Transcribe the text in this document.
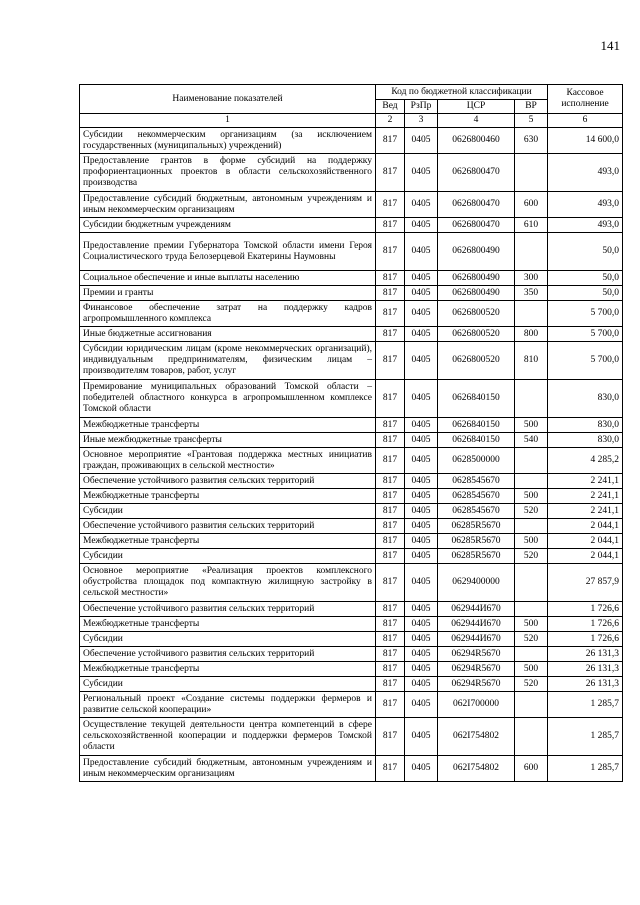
141
Наименование показателей	Код по бюджетной классификации				Кассовое исполнение
	Вед	РзПр	ЦСР	ВР	
1	2	3	4	5	6
Субсидии некоммерческим организациям (за исключением государственных (муниципальных) учреждений)	817	0405	0626800460	630	14 600,0
Предоставление грантов в форме субсидий на поддержку профориентационных проектов в области сельскохозяйственного производства	817	0405	0626800470		493,0
Предоставление субсидий бюджетным, автономным учреждениям и иным некоммерческим организациям	817	0405	0626800470	600	493,0
Субсидии бюджетным учреждениям	817	0405	0626800470	610	493,0
Предоставление премии Губернатора Томской области имени Героя Социалистического труда Белозерцевой Екатерины Наумовны	817	0405	0626800490		50,0
Социальное обеспечение и иные выплаты населению	817	0405	0626800490	300	50,0
Премии и гранты	817	0405	0626800490	350	50,0
Финансовое обеспечение затрат на поддержку кадров агропромышленного комплекса	817	0405	0626800520		5 700,0
Иные бюджетные ассигнования	817	0405	0626800520	800	5 700,0
Субсидии юридическим лицам (кроме некоммерческих организаций), индивидуальным предпринимателям, физическим лицам – производителям товаров, работ, услуг	817	0405	0626800520	810	5 700,0
Премирование муниципальных образований Томской области – победителей областного конкурса в агропромышленном комплексе Томской области	817	0405	0626840150		830,0
Межбюджетные трансферты	817	0405	0626840150	500	830,0
Иные межбюджетные трансферты	817	0405	0626840150	540	830,0
Основное мероприятие «Грантовая поддержка местных инициатив граждан, проживающих в сельской местности»	817	0405	0628500000		4 285,2
Обеспечение устойчивого развития сельских территорий	817	0405	0628545670		2 241,1
Межбюджетные трансферты	817	0405	0628545670	500	2 241,1
Субсидии	817	0405	0628545670	520	2 241,1
Обеспечение устойчивого развития сельских территорий	817	0405	06285R5670		2 044,1
Межбюджетные трансферты	817	0405	06285R5670	500	2 044,1
Субсидии	817	0405	06285R5670	520	2 044,1
Основное мероприятие «Реализация проектов комплексного обустройства площадок под компактную жилищную застройку в сельской местности»	817	0405	0629400000		27 857,9
Обеспечение устойчивого развития сельских территорий	817	0405	062944И670		1 726,6
Межбюджетные трансферты	817	0405	062944И670	500	1 726,6
Субсидии	817	0405	062944И670	520	1 726,6
Обеспечение устойчивого развития сельских территорий	817	0405	06294R5670		26 131,3
Межбюджетные трансферты	817	0405	06294R5670	500	26 131,3
Субсидии	817	0405	06294R5670	520	26 131,3
Региональный проект «Создание системы поддержки фермеров и развитие сельской кооперации»	817	0405	062I700000		1 285,7
Осуществление текущей деятельности центра компетенций в сфере сельскохозяйственной кооперации и поддержки фермеров Томской области	817	0405	062I754802		1 285,7
Предоставление субсидий бюджетным, автономным учреждениям и иным некоммерческим организациям	817	0405	062I754802	600	1 285,7
